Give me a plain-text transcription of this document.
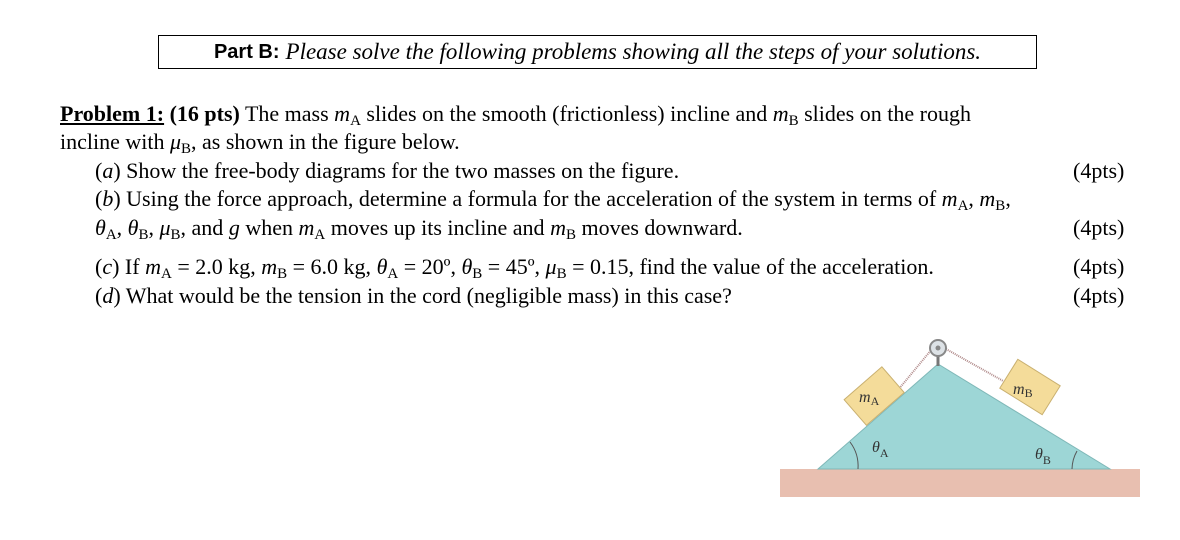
Part B: Please solve the following problems showing all the steps of your solutions.
Problem 1: (16 pts) The mass $m_A$ slides on the smooth (frictionless) incline and $m_B$ slides on the rough
incline with $\mu_B$, as shown in the figure below.
(a) Show the free-body diagrams for the two masses on the figure.	(4pts)
(b) Using the force approach, determine a formula for the acceleration of the system in terms of $m_A$, $m_B$,
$\theta_A$, $\theta_B$, $\mu_B$, and g when $m_A$ moves up its incline and $m_B$ moves downward.	(4pts)
(c) If $m_A = 2.0$ kg, $m_B = 6.0$ kg, $\theta_A$ = 20º, $\theta_B$ = 45º, $\mu_B = 0.15$, find the value of the acceleration.	(4pts)
(d) What would be the tension in the cord (negligible mass) in this case?	(4pts)
mA
mB
$\theta_A$	$\theta_B$
